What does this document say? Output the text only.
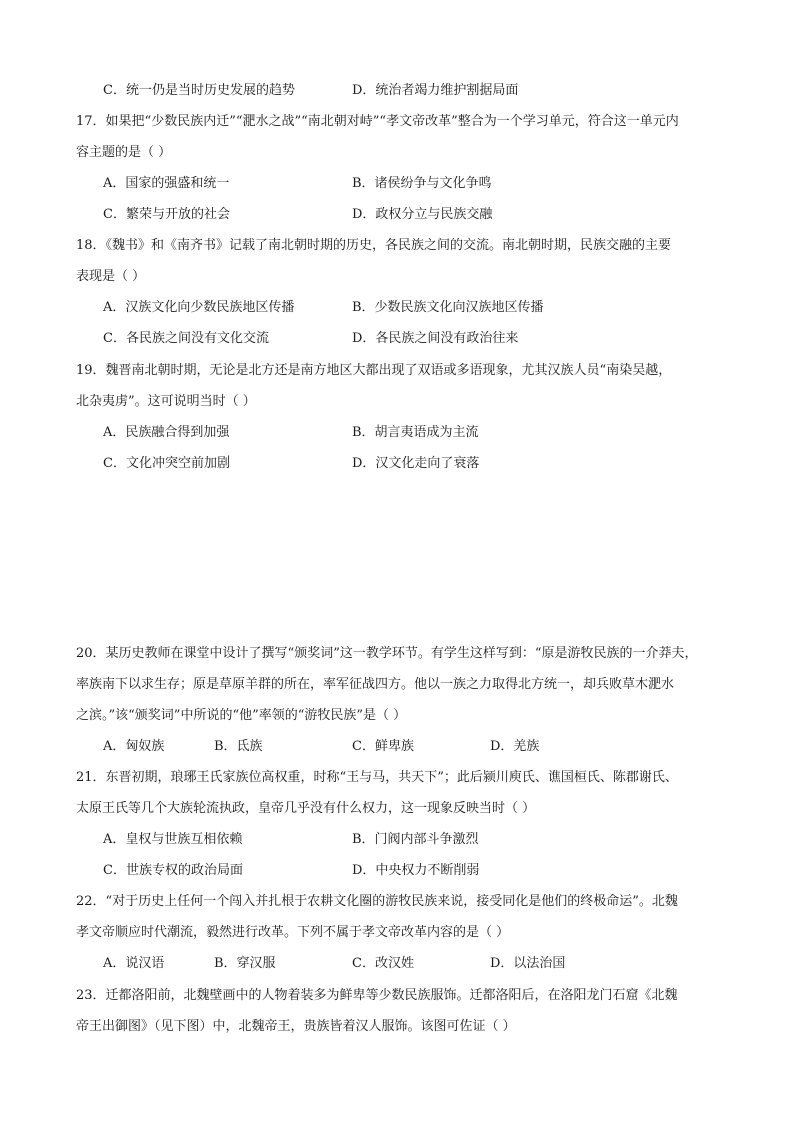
C．统一仍是当时历史发展的趋势	D．统治者竭力维护割据局面
17．如果把“少数民族内迁”“淝水之战”“南北朝对峙”“孝文帝改革”整合为一个学习单元，符合这一单元内
容主题的是（ ）
A．国家的强盛和统一	B．诸侯纷争与文化争鸣
C．繁荣与开放的社会	D．政权分立与民族交融
18．《魏书》和《南齐书》记载了南北朝时期的历史，各民族之间的交流。南北朝时期，民族交融的主要
表现是（ ）
A．汉族文化向少数民族地区传播	B．少数民族文化向汉族地区传播
C．各民族之间没有文化交流	D．各民族之间没有政治往来
19．魏晋南北朝时期，无论是北方还是南方地区大都出现了双语或多语现象，尤其汉族人员“南染吴越，
北杂夷虏”。这可说明当时（ ）
A．民族融合得到加强	B．胡言夷语成为主流
C．文化冲突空前加剧	D．汉文化走向了衰落
20．某历史教师在课堂中设计了撰写“颁奖词”这一教学环节。有学生这样写到：“原是游牧民族的一介莽夫，
率族南下以求生存；原是草原羊群的所在，率军征战四方。他以一族之力取得北方统一，却兵败草木淝水
之滨。”该“颁奖词”中所说的“他”率领的“游牧民族”是（ ）
A．匈奴族	B．氐族	C．鲜卑族	D．羌族
21．东晋初期，琅琊王氏家族位高权重，时称“王与马，共天下”；此后颍川庾氏、谯国桓氏、陈郡谢氏、
太原王氏等几个大族轮流执政，皇帝几乎没有什么权力，这一现象反映当时（ ）
A．皇权与世族互相依赖	B．门阀内部斗争激烈
C．世族专权的政治局面	D．中央权力不断削弱
22．“对于历史上任何一个闯入并扎根于农耕文化圈的游牧民族来说，接受同化是他们的终极命运”。北魏
孝文帝顺应时代潮流，毅然进行改革。下列不属于孝文帝改革内容的是（ ）
A．说汉语	B．穿汉服	C．改汉姓	D．以法治国
23．迁都洛阳前，北魏壁画中的人物着装多为鲜卑等少数民族服饰。迁都洛阳后，在洛阳龙门石窟《北魏
帝王出御图》（见下图）中，北魏帝王，贵族皆着汉人服饰。该图可佐证（ ）
